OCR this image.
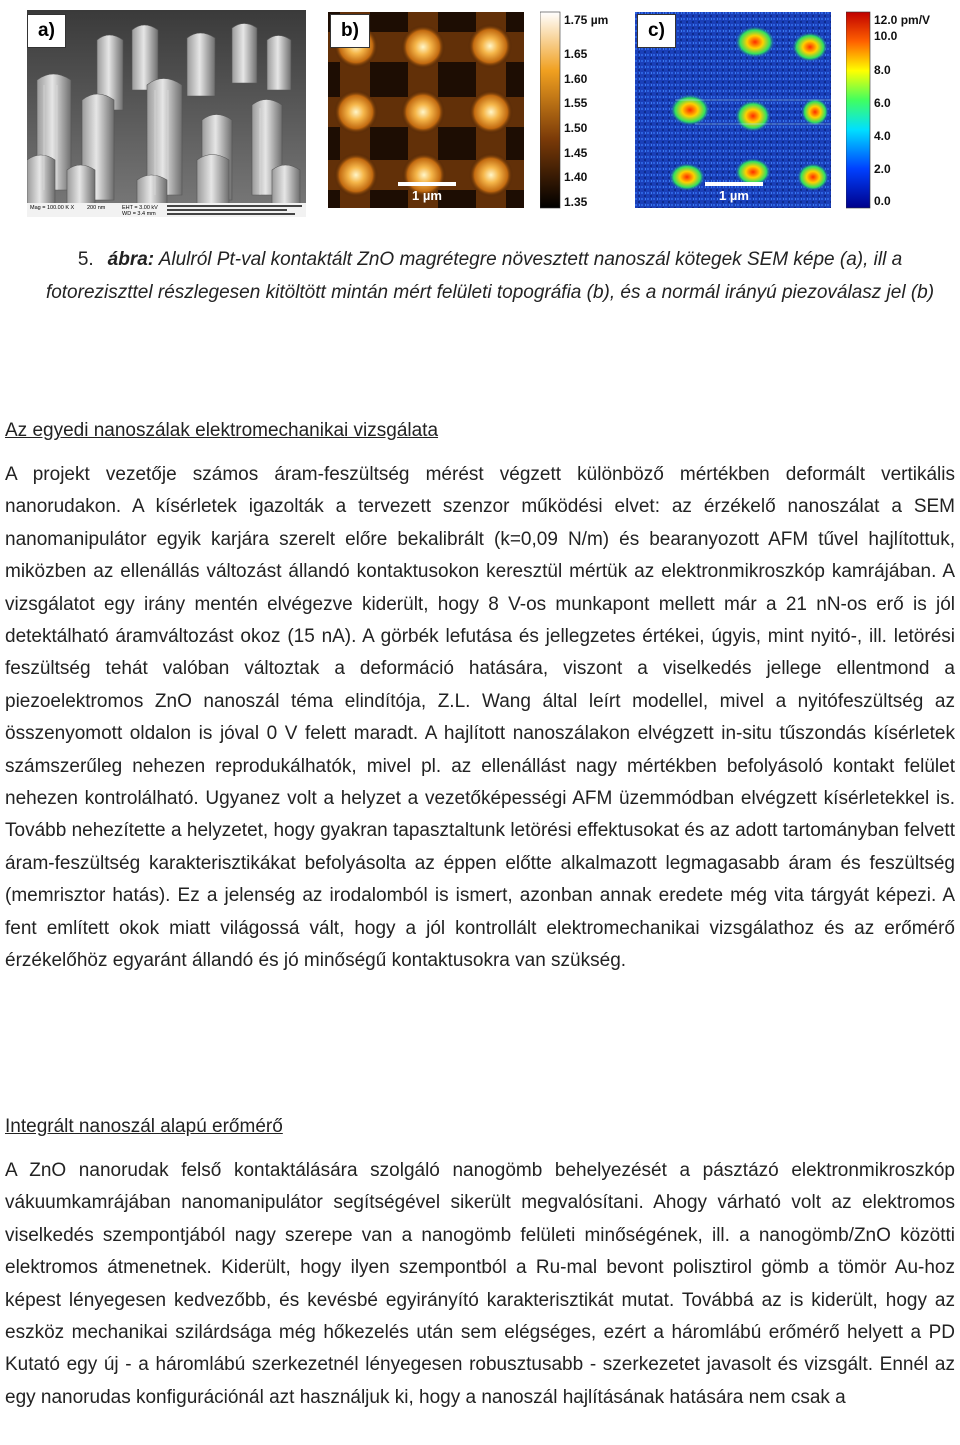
Mag = 100.00 K X 200 nm	EHT = 3.00 kV
WD = 3.4 mm
a)
1 µm
b)	1.75 µm
1.65
1.60
1.55
1.50
1.45
1.40
1.35	1 µm
c)	12.0 pm/V
10.0
8.0
6.0
4.0
2.0
0.0
5. ábra: Alulról Pt-val kontaktált ZnO magrétegre növesztett nanoszál kötegek SEM képe (a), ill a fotoreziszttel részlegesen kitöltött mintán mért felületi topográfia (b), és a normál irányú piezoválasz jel (b)
Az egyedi nanoszálak elektromechanikai vizsgálata

A projekt vezetője számos áram-feszültség mérést végzett különböző mértékben deformált vertikális nanorudakon. A kísérletek igazolták a tervezett szenzor működési elvet: az érzékelő nanoszálat a SEM nanomanipulátor egyik karjára szerelt előre bekalibrált (k=0,09 N/m) és bearanyozott AFM tűvel hajlítottuk, miközben az ellenállás változást állandó kontaktusokon keresztül mértük az elektronmikroszkóp kamrájában. A vizsgálatot egy irány mentén elvégezve kiderült, hogy 8 V-os munkapont mellett már a 21 nN-os erő is jól detektálható áramváltozást okoz (15 nA). A görbék lefutása és jellegzetes értékei, úgyis, mint nyitó-, ill. letörési feszültség tehát valóban változtak a deformáció hatására, viszont a viselkedés jellege ellentmond a piezoelektromos ZnO nanoszál téma elindítója, Z.L. Wang által leírt modellel, mivel a nyitófeszültség az összenyomott oldalon is jóval 0 V felett maradt. A hajlított nanoszálakon elvégzett in-situ tűszondás kísérletek számszerűleg nehezen reprodukálhatók, mivel pl. az ellenállást nagy mértékben befolyásoló kontakt felület nehezen kontrolálható. Ugyanez volt a helyzet a vezetőképességi AFM üzemmódban elvégzett kísérletekkel is. Tovább nehezítette a helyzetet, hogy gyakran tapasztaltunk letörési effektusokat és az adott tartományban felvett áram-feszültség karakterisztikákat befolyásolta az éppen előtte alkalmazott legmagasabb áram és feszültség (memrisztor hatás). Ez a jelenség az irodalomból is ismert, azonban annak eredete még vita tárgyát képezi. A fent említett okok miatt világossá vált, hogy a jól kontrollált elektromechanikai vizsgálathoz és az erőmérő érzékelőhöz egyaránt állandó és jó minőségű kontaktusokra van szükség.

Integrált nanoszál alapú erőmérő

A ZnO nanorudak felső kontaktálására szolgáló nanogömb behelyezését a pásztázó elektronmikroszkóp vákuumkamrájában nanomanipulátor segítségével sikerült megvalósítani. Ahogy várható volt az elektromos viselkedés szempontjából nagy szerepe van a nanogömb felületi minőségének, ill. a nanogömb/ZnO közötti elektromos átmenetnek. Kiderült, hogy ilyen szempontból a Ru-mal bevont polisztirol gömb a tömör Au-hoz képest lényegesen kedvezőbb, és kevésbé egyirányító karakterisztikát mutat. Továbbá az is kiderült, hogy az eszköz mechanikai szilárdsága még hőkezelés után sem elégséges, ezért a háromlábú erőmérő helyett a PD Kutató egy új - a háromlábú szerkezetnél lényegesen robusztusabb - szerkezetet javasolt és vizsgált. Ennél az egy nanorudas konfigurációnál azt használjuk ki, hogy a nanoszál hajlításának hatására nem csak a
